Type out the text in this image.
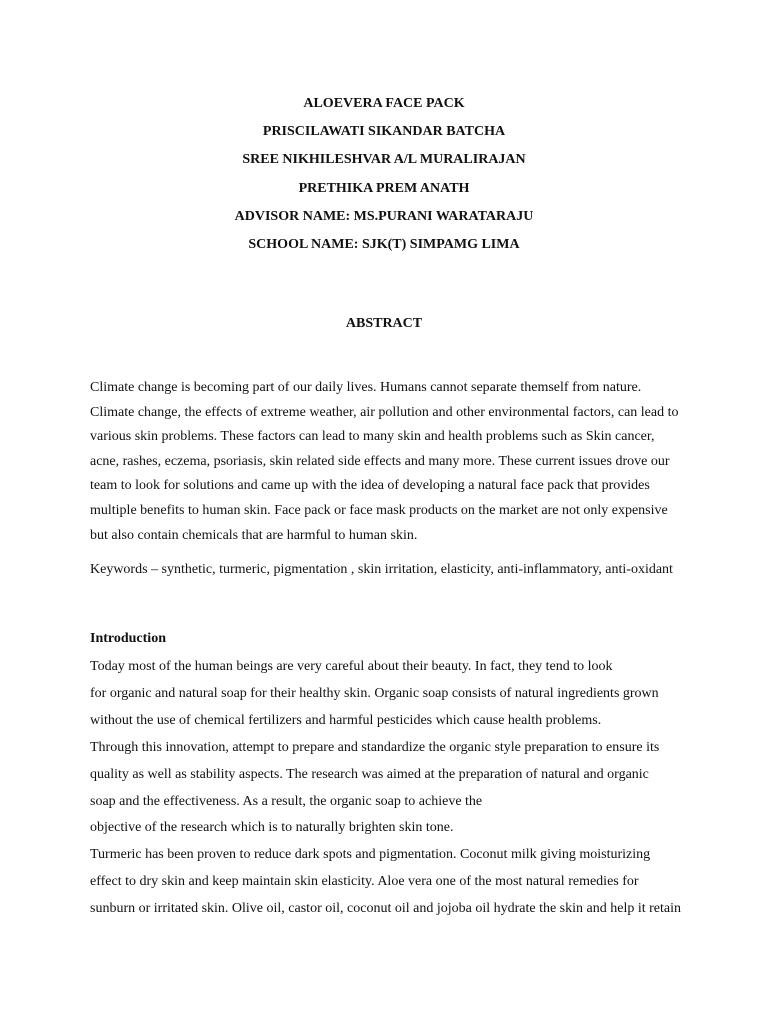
ALOEVERA FACE PACK
PRISCILAWATI SIKANDAR BATCHA
SREE NIKHILESHVAR A/L MURALIRAJAN
PRETHIKA PREM ANATH
ADVISOR NAME: MS.PURANI WARATARAJU
SCHOOL NAME: SJK(T) SIMPAMG LIMA
ABSTRACT
Climate change is becoming part of our daily lives. Humans cannot separate themself from nature.
Climate change, the effects of extreme weather, air pollution and other environmental factors, can lead to
various skin problems. These factors can lead to many skin and health problems such as Skin cancer,
acne, rashes, eczema, psoriasis, skin related side effects and many more. These current issues drove our
team to look for solutions and came up with the idea of developing a natural face pack that provides
multiple benefits to human skin. Face pack or face mask products on the market are not only expensive
but also contain chemicals that are harmful to human skin.
Keywords – synthetic, turmeric, pigmentation , skin irritation, elasticity, anti-inflammatory, anti-oxidant
Introduction
Today most of the human beings are very careful about their beauty. In fact, they tend to look
for organic and natural soap for their healthy skin. Organic soap consists of natural ingredients grown
without the use of chemical fertilizers and harmful pesticides which cause health problems.
Through this innovation, attempt to prepare and standardize the organic style preparation to ensure its
quality as well as stability aspects. The research was aimed at the preparation of natural and organic
soap and the effectiveness. As a result, the organic soap to achieve the
objective of the research which is to naturally brighten skin tone.
Turmeric has been proven to reduce dark spots and pigmentation. Coconut milk giving moisturizing
effect to dry skin and keep maintain skin elasticity. Aloe vera one of the most natural remedies for
sunburn or irritated skin. Olive oil, castor oil, coconut oil and jojoba oil hydrate the skin and help it retain
